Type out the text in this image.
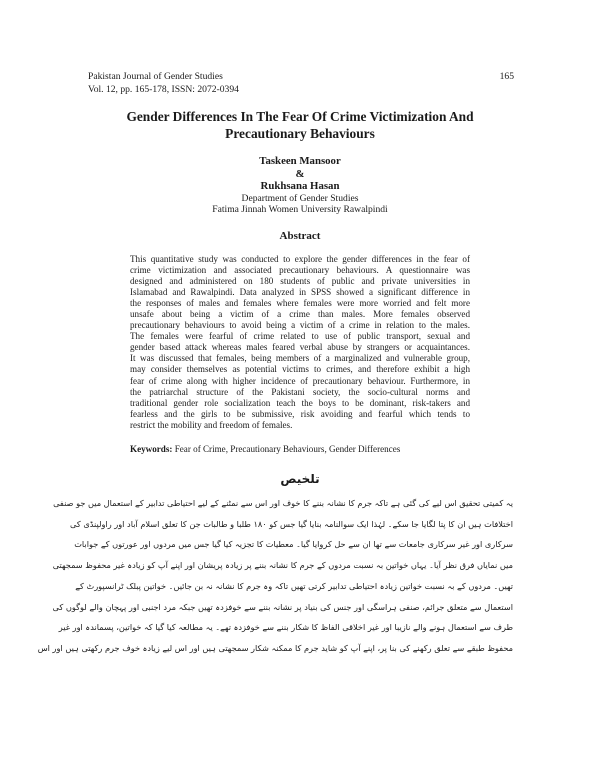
Pakistan Journal of Gender Studies
Vol. 12, pp. 165-178, ISSN: 2072-0394
165
Gender Differences In The Fear Of Crime Victimization And
Precautionary Behaviours
Taskeen Mansoor
&
Rukhsana Hasan
Department of Gender Studies
Fatima Jinnah Women University Rawalpindi
Abstract
This quantitative study was conducted to explore the gender differences in the fear of
crime victimization and associated precautionary behaviours. A questionnaire was
designed and administered on 180 students of public and private universities in
Islamabad and Rawalpindi. Data analyzed in SPSS showed a significant difference in
the responses of males and females where females were more worried and felt more
unsafe about being a victim of a crime than males. More females observed
precautionary behaviours to avoid being a victim of a crime in relation to the males.
The females were fearful of crime related to use of public transport, sexual and
gender based attack whereas males feared verbal abuse by strangers or acquaintances.
It was discussed that females, being members of a marginalized and vulnerable group,
may consider themselves as potential victims to crimes, and therefore exhibit a high
fear of crime along with higher incidence of precautionary behaviour. Furthermore, in
the patriarchal structure of the Pakistani society, the socio-cultural norms and
traditional gender role socialization teach the boys to be dominant, risk-takers and
fearless and the girls to be submissive, risk avoiding and fearful which tends to
restrict the mobility and freedom of females.
Keywords: Fear of Crime, Precautionary Behaviours, Gender Differences
تلخیص
یہ کمیتی تحقیق اس لیے کی گئی ہے تاکہ جرم کا نشانہ بننے کا خوف اور اس سے نمٹنے کے لیے احتیاطی تدابیر کے استعمال میں جو صنفی
اختلافات ہیں ان کا پتا لگایا جا سکے۔ لہٰذا ایک سوالنامہ بنایا گیا جس کو ۱۸۰ طلبا و طالبات جن کا تعلق اسلام آباد اور راولپنڈی کی
سرکاری اور غیر سرکاری جامعات سے تھا ان سے حل کروایا گیا۔ معطیات کا تجزیہ کیا گیا جس میں مردوں اور عورتوں کے جوابات
میں نمایاں فرق نظر آیا۔ یہاں خواتین بہ نسبت مردوں کے جرم کا نشانہ بننے پر زیادہ پریشان اور اپنے آپ کو زیادہ غیر محفوظ سمجھتی
تھیں۔ مردوں کے بہ نسبت خواتین زیادہ احتیاطی تدابیر کرتی تھیں تاکہ وہ جرم کا نشانہ نہ بن جائیں۔ خواتین پبلک ٹرانسپورٹ کے
استعمال سے متعلق جرائم، صنفی ہراسگی اور جنس کی بنیاد پر نشانہ بننے سے خوفزدہ تھیں جبکہ مرد اجنبی اور پہچان والے لوگوں کی
طرف سے استعمال ہونے والے نازیبا اور غیر اخلاقی الفاظ کا شکار بننے سے خوفزدہ تھے۔ یہ مطالعہ کیا گیا کہ خواتین، پسماندہ اور غیر
محفوظ طبقے سے تعلق رکھنے کی بنا پر، اپنے آپ کو شاید جرم کا ممکنہ شکار سمجھتی ہیں اور اس لیے زیادہ خوف جرم رکھتی ہیں اور اس
